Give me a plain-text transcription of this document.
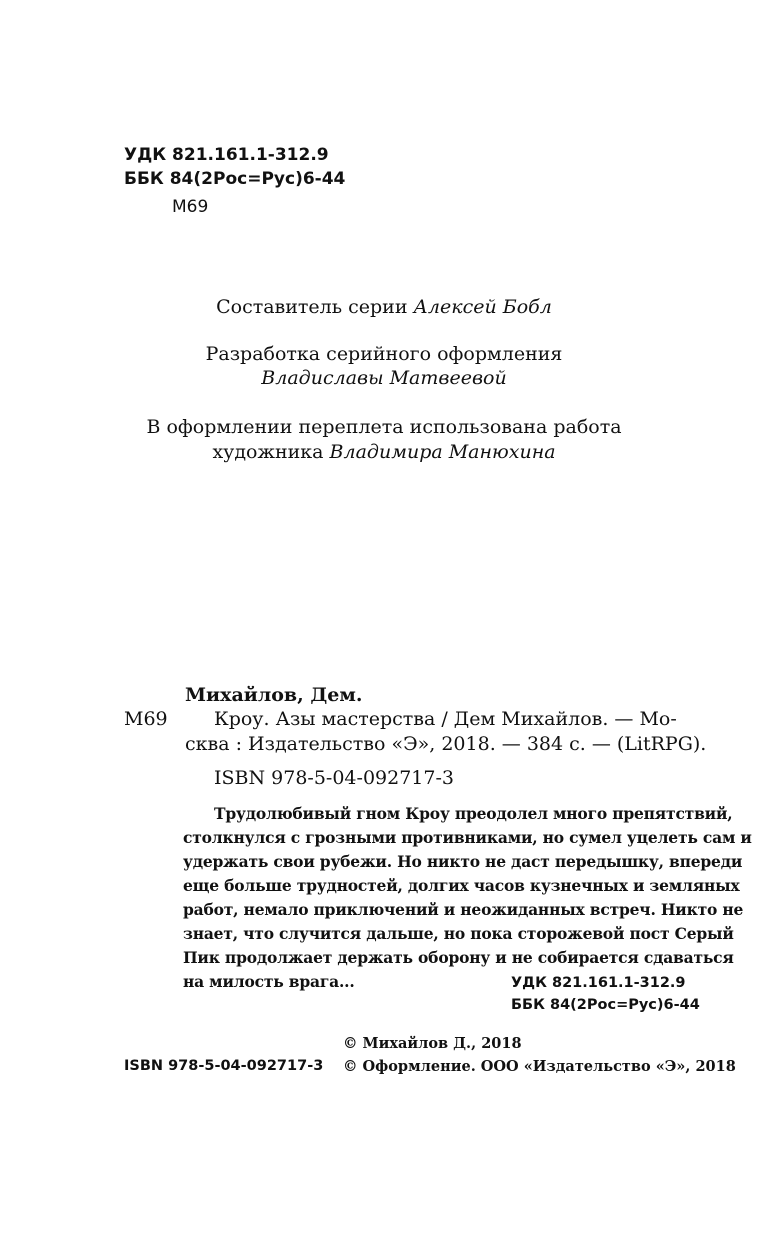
УДК 821.161.1-312.9
ББК 84(2Рос=Рус)6-44
М69
Составитель серии Алексей Бобл
Разработка серийного оформления
Владиславы Матвеевой
В оформлении переплета использована работа
художника Владимира Манюхина
Михайлов, Дем.
М69 Кроу. Азы мастерства / Дем Михайлов. — Мо-
сква : Издательство «Э», 2018. — 384 с. — (LitRPG).
ISBN 978-5-04-092717-3
Трудолюбивый гном Кроу преодолел много препятствий,
столкнулся с грозными противниками, но сумел уцелеть сам и
удержать свои рубежи. Но никто не даст передышку, впереди
еще больше трудностей, долгих часов кузнечных и земляных
работ, немало приключений и неожиданных встреч. Никто не
знает, что случится дальше, но пока сторожевой пост Серый
Пик продолжает держать оборону и не собирается сдаваться
на милость врага...	УДК 821.161.1-312.9
ББК 84(2Рос=Рус)6-44
© Михайлов Д., 2018
ISBN 978-5-04-092717-3 © Оформление. ООО «Издательство «Э», 2018
